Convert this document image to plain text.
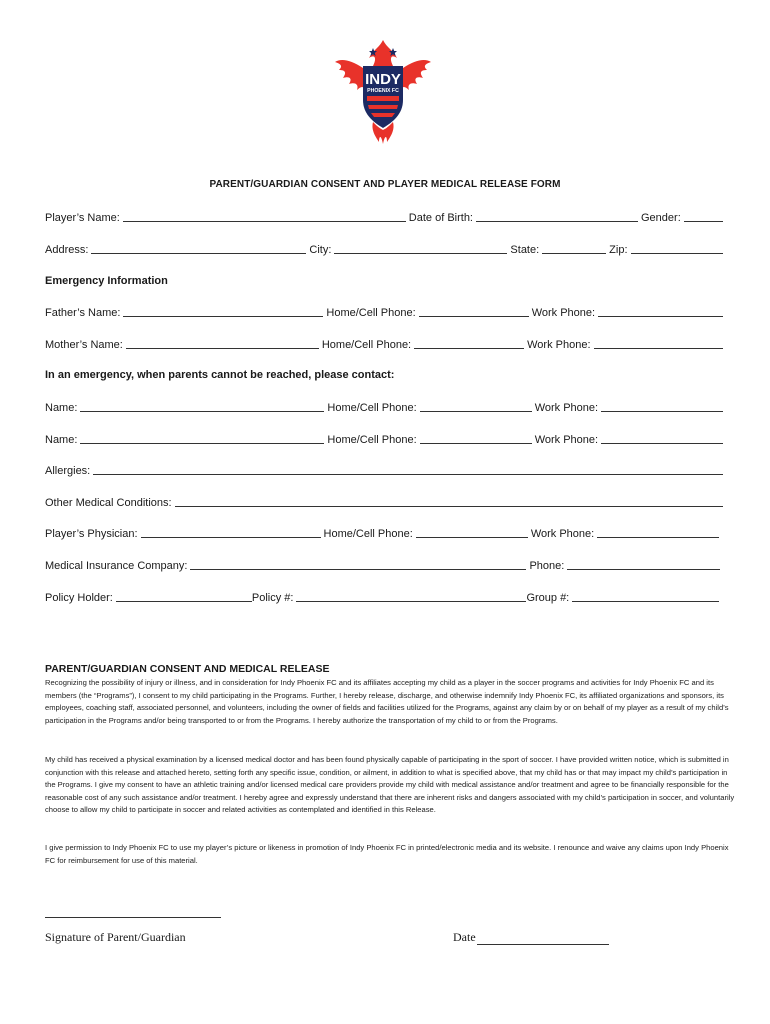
INDY
PHOENIX FC
PARENT/GUARDIAN CONSENT AND PLAYER MEDICAL RELEASE FORM
Player’s Name:	Date of Birth:	Gender:
Address:	City:	State:	Zip:
Emergency Information
Father’s Name:	Home/Cell Phone:	Work Phone:
Mother’s Name:	Home/Cell Phone:	Work Phone:
In an emergency, when parents cannot be reached, please contact:
Name:	Home/Cell Phone:	Work Phone:
Name:	Home/Cell Phone:	Work Phone:
Allergies:
Other Medical Conditions:
Player’s Physician:	Home/Cell Phone:	Work Phone:
Medical Insurance Company:	Phone:
Policy Holder:	Policy #:	Group #:
PARENT/GUARDIAN CONSENT AND MEDICAL RELEASE
Recognizing the possibility of injury or illness, and in consideration for Indy Phoenix FC and its affiliates accepting my child as a player in the soccer programs and activities for Indy Phoenix FC and its members (the “Programs”), I consent to my child participating in the Programs. Further, I hereby release, discharge, and otherwise indemnify Indy Phoenix FC, its affiliated organizations and sponsors, its employees, coaching staff, associated personnel, and volunteers, including the owner of fields and facilities utilized for the Programs, against any claim by or on behalf of my player as a result of my child’s participation in the Programs and/or being transported to or from the Programs. I hereby authorize the transportation of my child to or from the Programs.
My child has received a physical examination by a licensed medical doctor and has been found physically capable of participating in the sport of soccer. I have provided written notice, which is submitted in conjunction with this release and attached hereto, setting forth any specific issue, condition, or ailment, in addition to what is specified above, that my child has or that may impact my child’s participation in the Programs. I give my consent to have an athletic training and/or licensed medical care providers provide my child with medical assistance and/or treatment and agree to be financially responsible for the reasonable cost of any such assistance and/or treatment. I hereby agree and expressly understand that there are inherent risks and dangers associated with my child’s participation in soccer, and voluntarily choose to allow my child to participate in soccer and related activities as contemplated and identified in this Release.
I give permission to Indy Phoenix FC to use my player’s picture or likeness in promotion of Indy Phoenix FC in printed/electronic media and its website. I renounce and waive any claims upon Indy Phoenix FC for reimbursement for use of this material.
Signature of Parent/Guardian	Date
